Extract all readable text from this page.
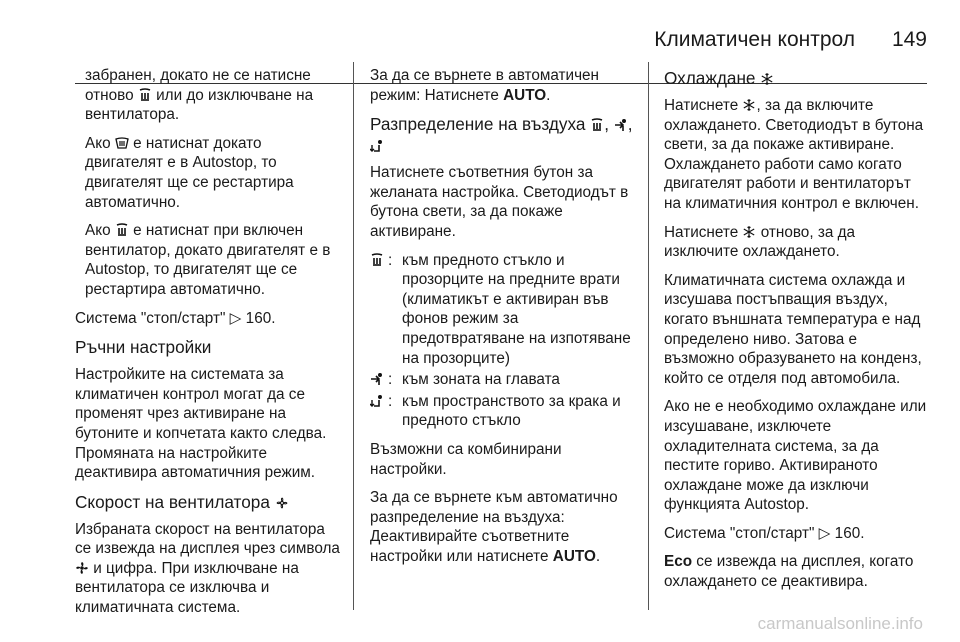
Климатичен контрол 149

забранен, докато не се натисне отново  или до изключване на вентилатора.

Ако  е натиснат докато двигателят е в Autostop, то двигателят ще се рестартира автоматично.

Ако  е натиснат при включен вентилатор, докато двигателят е в Autostop, то двигателят ще се рестартира автоматично.

Система "стоп/старт" ▷ 160.

Ръчни настройки

Настройките на системата за климатичен контрол могат да се променят чрез активиране на бутоните и копчетата както следва. Промяната на настройките деактивира автоматичния режим.

Скорост на вентилатора

Избраната скорост на вентилатора се извежда на дисплея чрез символа  и цифра. При изключване на вентилатора се изключва и климатичната система.

За да се върнете в автоматичен режим: Натиснете AUTO.

Разпределение на въздуха , ,

Натиснете съответния бутон за желаната настройка. Светодиодът в бутона свети, за да покаже активиране.

: към предното стъкло и прозорците на предните врати (климатикът е активиран във фонов режим за предотвратяване на изпотяване на прозорците)
: към зоната на главата
: към пространството за крака и предното стъкло

Възможни са комбинирани настройки.

За да се върнете към автоматично разпределение на въздуха: Деактивирайте съответните настройки или натиснете AUTO.

Охлаждане

Натиснете , за да включите охлаждането. Светодиодът в бутона свети, за да покаже активиране. Охлаждането работи само когато двигателят работи и вентилаторът на климатичния контрол е включен.

Натиснете  отново, за да изключите охлаждането.

Климатичната система охлажда и изсушава постъпващия въздух, когато външната температура е над определено ниво. Затова е възможно образуването на конденз, който се отделя под автомобила.

Ако не е необходимо охлаждане или изсушаване, изключете охладителната система, за да пестите гориво. Активираното охлаждане може да изключи функцията Autostop.

Система "стоп/старт" ▷ 160.

Eco се извежда на дисплея, когато охлаждането се деактивира.

carmanualsonline.info
